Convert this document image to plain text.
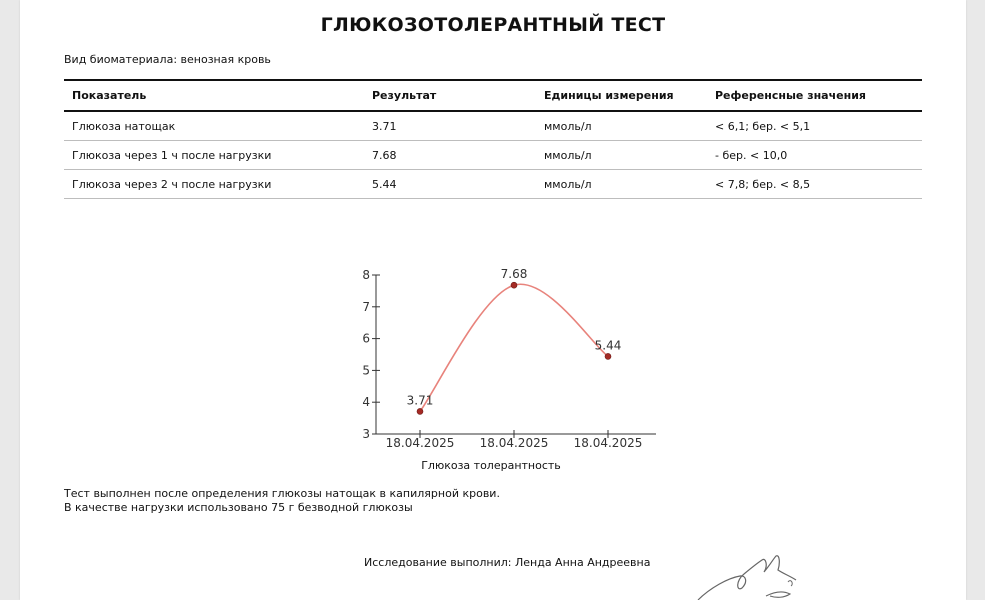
ГЛЮКОЗОТОЛЕРАНТНЫЙ ТЕСТ
Вид биоматериала: венозная кровь
Показатель	Результат	Единицы измерения	Референсные значения
Глюкоза натощак	3.71	ммоль/л	< 6,1; бер. < 5,1
Глюкоза через 1 ч после нагрузки	7.68	ммоль/л	- бер. < 10,0
Глюкоза через 2 ч после нагрузки	5.44	ммоль/л	< 7,8; бер. < 8,5
3
4
5
6
7
8
18.04.2025 18.04.2025 18.04.2025
3.71
7.68
5.44
Глюкоза толерантность
Тест выполнен после определения глюкозы натощак в капилярной крови.
В качестве нагрузки использовано 75 г безводной глюкозы
Исследование выполнил: Ленда Анна Андреевна
